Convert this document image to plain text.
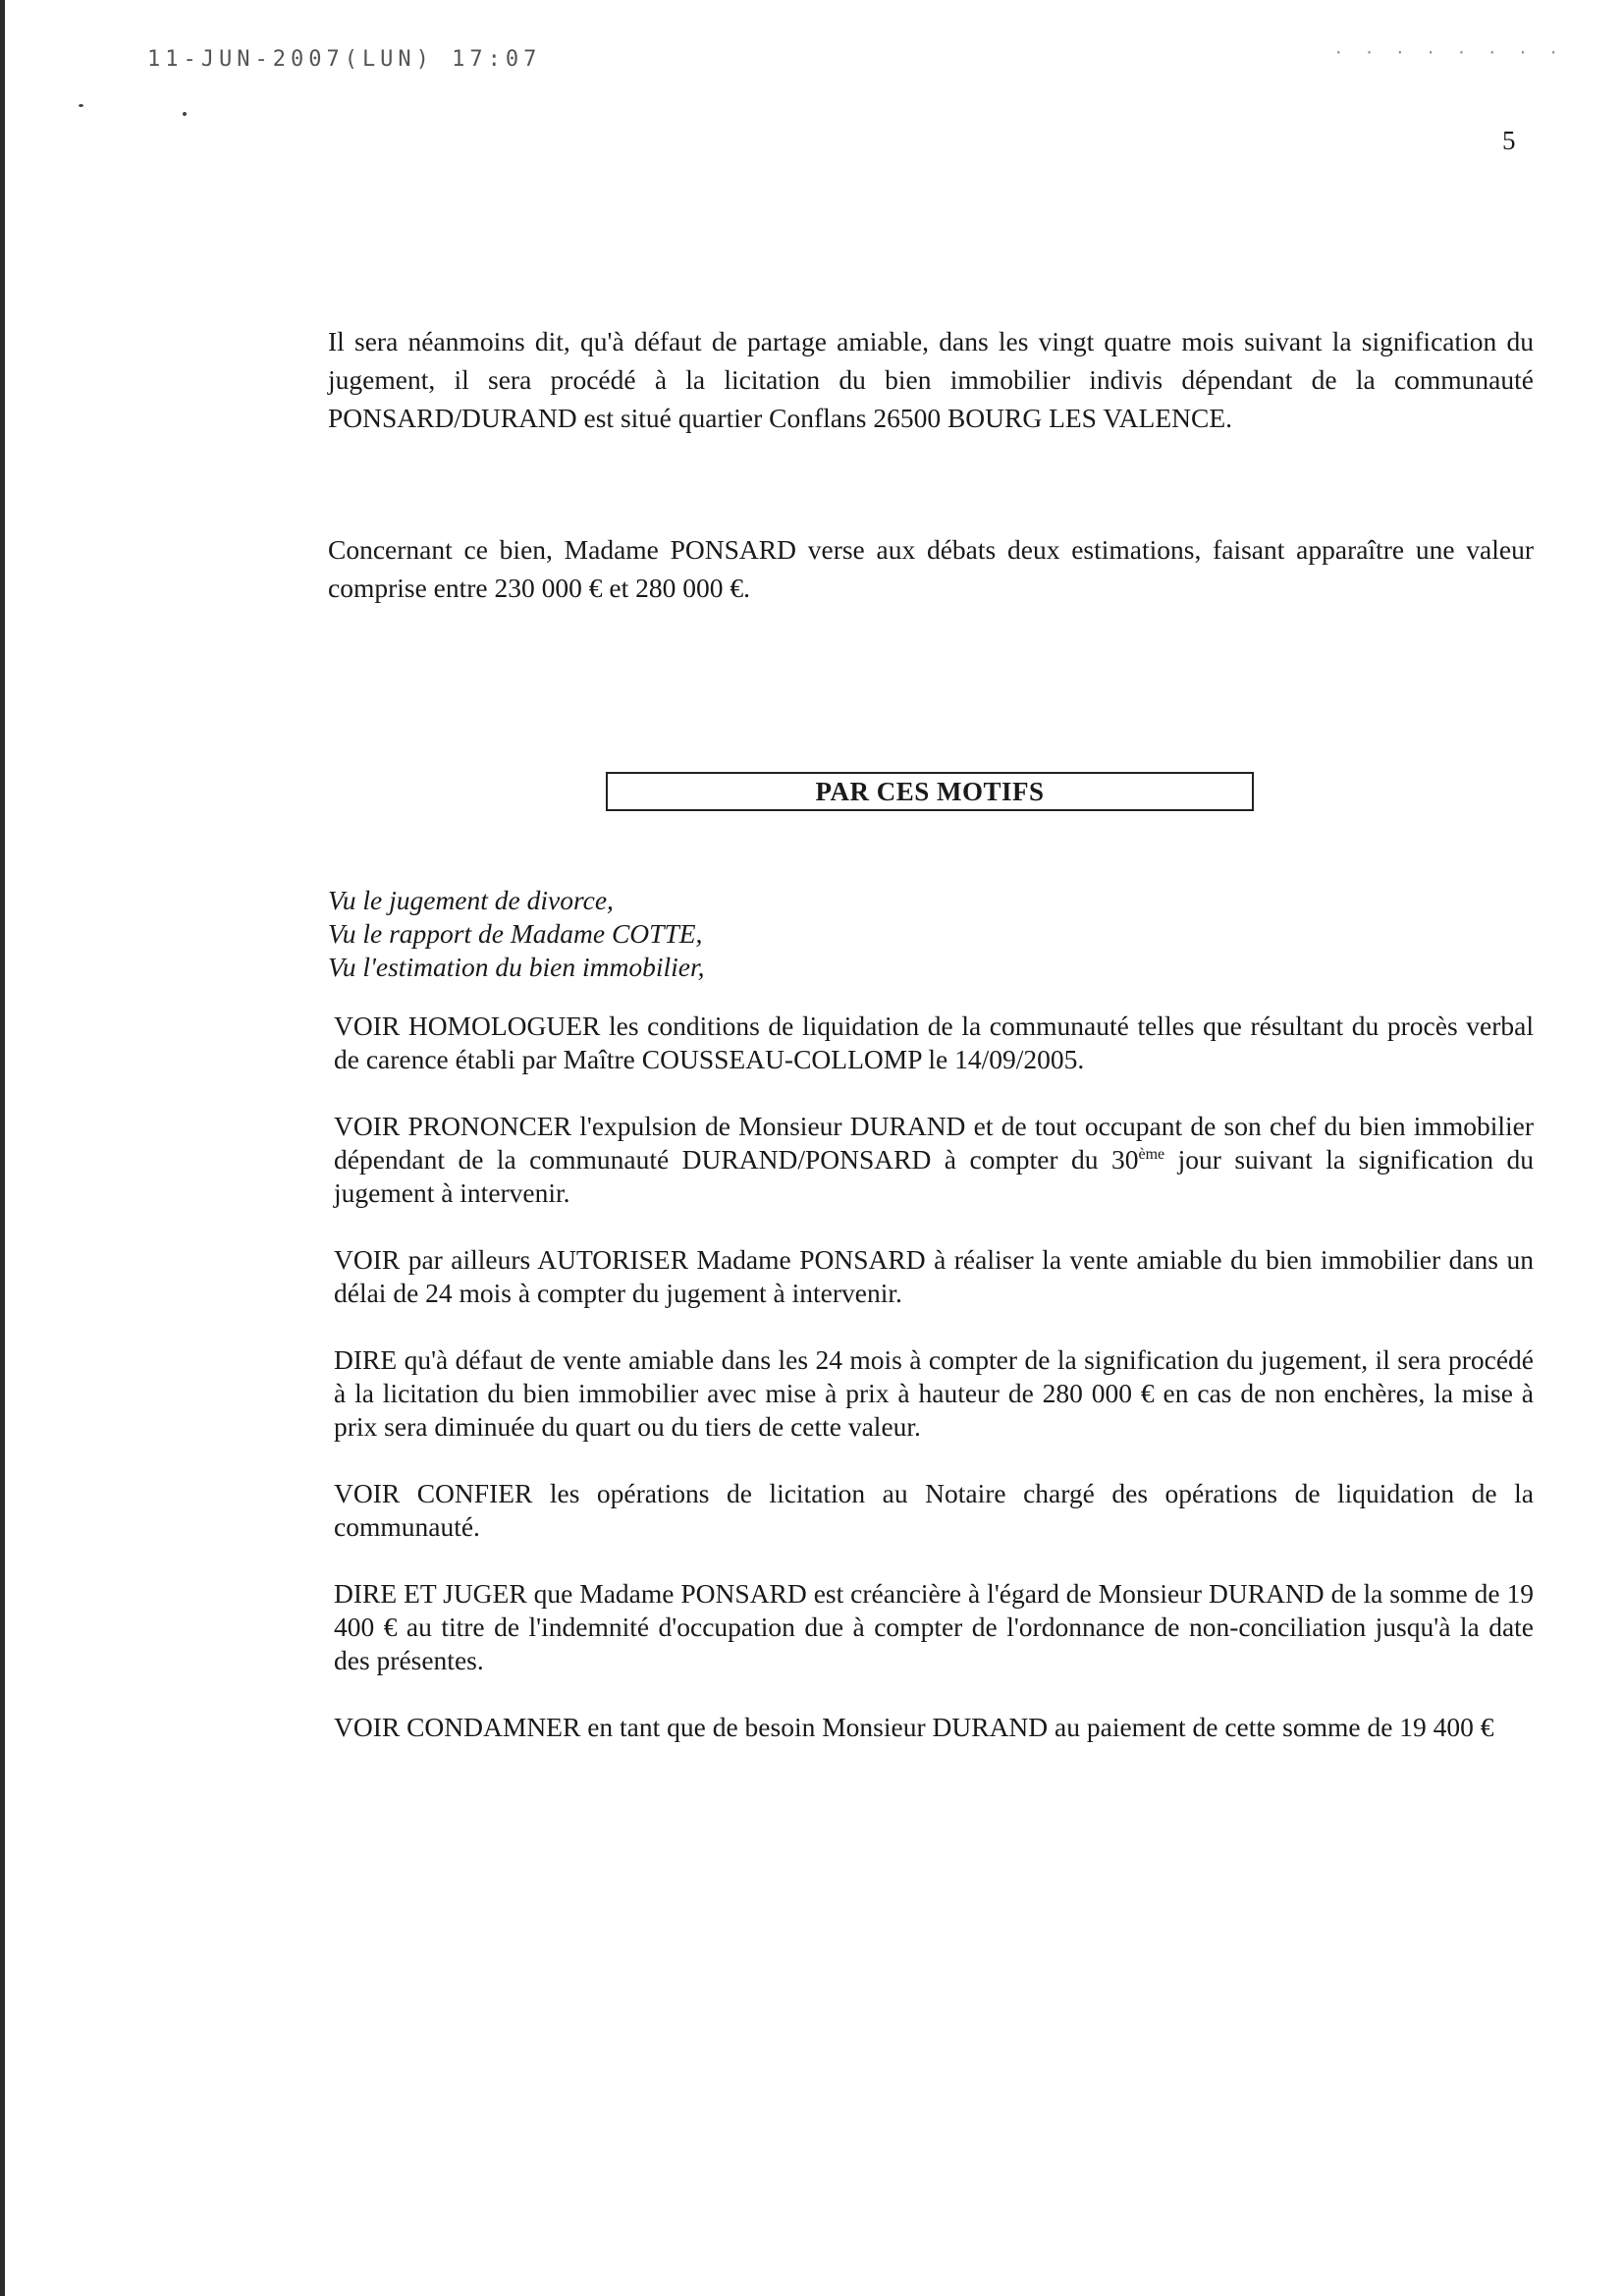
11-JUN-2007(LUN) 17:07	· · · · · · · ·
5

Il sera néanmoins dit, qu'à défaut de partage amiable, dans les vingt quatre mois suivant la signification du jugement, il sera procédé à la licitation du bien immobilier indivis dépendant de la communauté PONSARD/DURAND est situé quartier Conflans 26500 BOURG LES VALENCE.

Concernant ce bien, Madame PONSARD verse aux débats deux estimations, faisant apparaître une valeur comprise entre 230 000 € et 280 000 €.

PAR CES MOTIFS
Vu le jugement de divorce,
Vu le rapport de Madame COTTE,
Vu l'estimation du bien immobilier,

VOIR HOMOLOGUER les conditions de liquidation de la communauté telles que résultant du procès verbal de carence établi par Maître COUSSEAU-COLLOMP le 14/09/2005.

VOIR PRONONCER l'expulsion de Monsieur DURAND et de tout occupant de son chef du bien immobilier dépendant de la communauté DURAND/PONSARD à compter du 30ème jour suivant la signification du jugement à intervenir.

VOIR par ailleurs AUTORISER Madame PONSARD à réaliser la vente amiable du bien immobilier dans un délai de 24 mois à compter du jugement à intervenir.

DIRE qu'à défaut de vente amiable dans les 24 mois à compter de la signification du jugement, il sera procédé à la licitation du bien immobilier avec mise à prix à hauteur de 280 000 € en cas de non enchères, la mise à prix sera diminuée du quart ou du tiers de cette valeur.

VOIR CONFIER les opérations de licitation au Notaire chargé des opérations de liquidation de la communauté.

DIRE ET JUGER que Madame PONSARD est créancière à l'égard de Monsieur DURAND de la somme de 19 400 € au titre de l'indemnité d'occupation due à compter de l'ordonnance de non-conciliation jusqu'à la date des présentes.

VOIR CONDAMNER en tant que de besoin Monsieur DURAND au paiement de cette somme de 19 400 €
